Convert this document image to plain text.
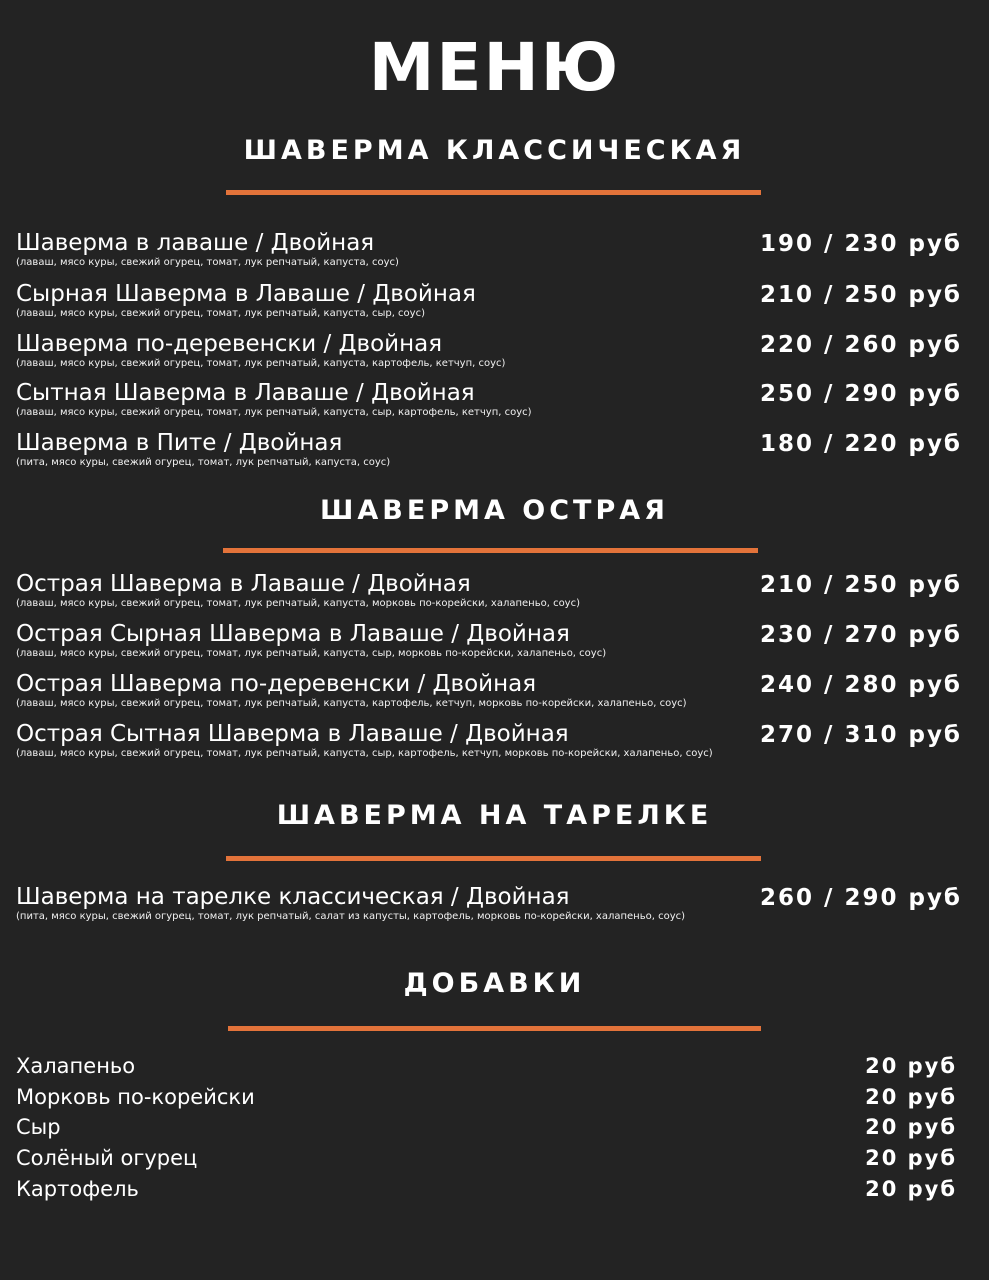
МЕНЮ
ШАВЕРМА КЛАССИЧЕСКАЯ
Шаверма в лаваше / Двойная
(лаваш, мясо куры, свежий огурец, томат, лук репчатый, капуста, соус)
190 / 230 руб
Сырная Шаверма в Лаваше / Двойная
(лаваш, мясо куры, свежий огурец, томат, лук репчатый, капуста, сыр, соус)
210 / 250 руб
Шаверма по-деревенски / Двойная
(лаваш, мясо куры, свежий огурец, томат, лук репчатый, капуста, картофель, кетчуп, соус)
220 / 260 руб
Сытная Шаверма в Лаваше / Двойная
(лаваш, мясо куры, свежий огурец, томат, лук репчатый, капуста, сыр, картофель, кетчуп, соус)
250 / 290 руб
Шаверма в Пите / Двойная
(пита, мясо куры, свежий огурец, томат, лук репчатый, капуста, соус)
180 / 220 руб
ШАВЕРМА ОСТРАЯ
Острая Шаверма в Лаваше / Двойная
(лаваш, мясо куры, свежий огурец, томат, лук репчатый, капуста, морковь по-корейски, халапеньо, соус)
210 / 250 руб
Острая Сырная Шаверма в Лаваше / Двойная
(лаваш, мясо куры, свежий огурец, томат, лук репчатый, капуста, сыр, морковь по-корейски, халапеньо, соус)
230 / 270 руб
Острая Шаверма по-деревенски / Двойная
(лаваш, мясо куры, свежий огурец, томат, лук репчатый, капуста, картофель, кетчуп, морковь по-корейски, халапеньо, соус)
240 / 280 руб
Острая Сытная Шаверма в Лаваше / Двойная
(лаваш, мясо куры, свежий огурец, томат, лук репчатый, капуста, сыр, картофель, кетчуп, морковь по-корейски, халапеньо, соус)
270 / 310 руб
ШАВЕРМА НА ТАРЕЛКЕ
Шаверма на тарелке классическая / Двойная
(пита, мясо куры, свежий огурец, томат, лук репчатый, салат из капусты, картофель, морковь по-корейски, халапеньо, соус)
260 / 290 руб
ДОБАВКИ
Халапеньо	20 руб
Морковь по-корейски	20 руб
Сыр	20 руб
Солёный огурец	20 руб
Картофель	20 руб
